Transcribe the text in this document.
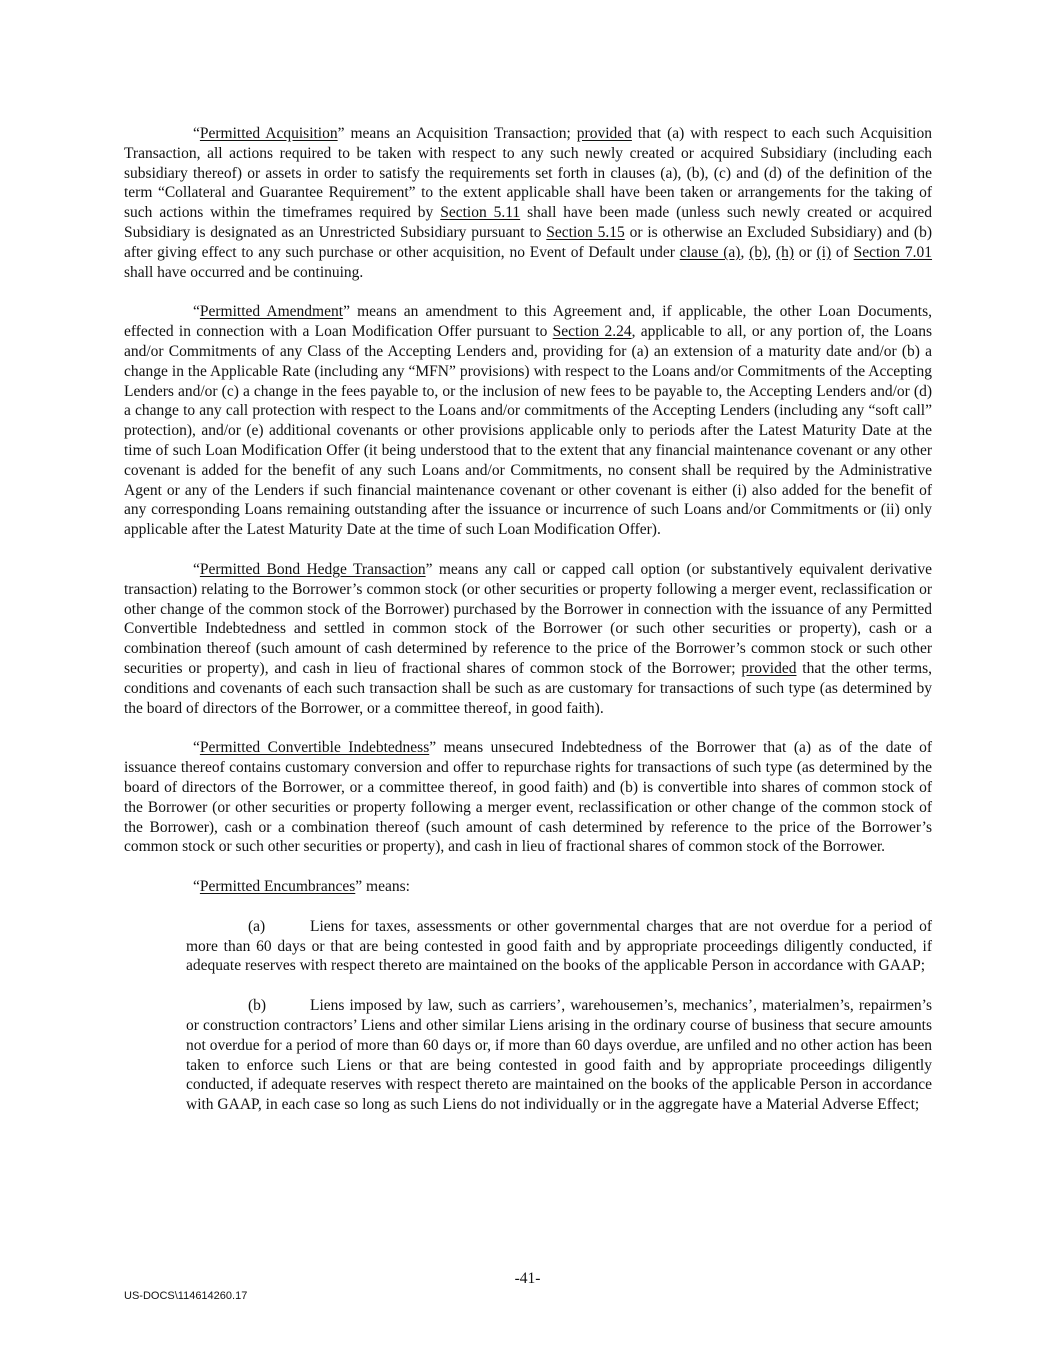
“Permitted Acquisition” means an Acquisition Transaction; provided that (a) with respect to each such Acquisition Transaction, all actions required to be taken with respect to any such newly created or acquired Subsidiary (including each subsidiary thereof) or assets in order to satisfy the requirements set forth in clauses (a), (b), (c) and (d) of the definition of the term “Collateral and Guarantee Requirement” to the extent applicable shall have been taken or arrangements for the taking of such actions within the timeframes required by Section 5.11 shall have been made (unless such newly created or acquired Subsidiary is designated as an Unrestricted Subsidiary pursuant to Section 5.15 or is otherwise an Excluded Subsidiary) and (b) after giving effect to any such purchase or other acquisition, no Event of Default under clause (a), (b), (h) or (i) of Section 7.01 shall have occurred and be continuing.

“Permitted Amendment” means an amendment to this Agreement and, if applicable, the other Loan Documents, effected in connection with a Loan Modification Offer pursuant to Section 2.24, applicable to all, or any portion of, the Loans and/or Commitments of any Class of the Accepting Lenders and, providing for (a) an extension of a maturity date and/or (b) a change in the Applicable Rate (including any “MFN” provisions) with respect to the Loans and/or Commitments of the Accepting Lenders and/or (c) a change in the fees payable to, or the inclusion of new fees to be payable to, the Accepting Lenders and/or (d) a change to any call protection with respect to the Loans and/or commitments of the Accepting Lenders (including any “soft call” protection), and/or (e) additional covenants or other provisions applicable only to periods after the Latest Maturity Date at the time of such Loan Modification Offer (it being understood that to the extent that any financial maintenance covenant or any other covenant is added for the benefit of any such Loans and/or Commitments, no consent shall be required by the Administrative Agent or any of the Lenders if such financial maintenance covenant or other covenant is either (i) also added for the benefit of any corresponding Loans remaining outstanding after the issuance or incurrence of such Loans and/or Commitments or (ii) only applicable after the Latest Maturity Date at the time of such Loan Modification Offer).

“Permitted Bond Hedge Transaction” means any call or capped call option (or substantively equivalent derivative transaction) relating to the Borrower’s common stock (or other securities or property following a merger event, reclassification or other change of the common stock of the Borrower) purchased by the Borrower in connection with the issuance of any Permitted Convertible Indebtedness and settled in common stock of the Borrower (or such other securities or property), cash or a combination thereof (such amount of cash determined by reference to the price of the Borrower’s common stock or such other securities or property), and cash in lieu of fractional shares of common stock of the Borrower; provided that the other terms, conditions and covenants of each such transaction shall be such as are customary for transactions of such type (as determined by the board of directors of the Borrower, or a committee thereof, in good faith).

“Permitted Convertible Indebtedness” means unsecured Indebtedness of the Borrower that (a) as of the date of issuance thereof contains customary conversion and offer to repurchase rights for transactions of such type (as determined by the board of directors of the Borrower, or a committee thereof, in good faith) and (b) is convertible into shares of common stock of the Borrower (or other securities or property following a merger event, reclassification or other change of the common stock of the Borrower), cash or a combination thereof (such amount of cash determined by reference to the price of the Borrower’s common stock or such other securities or property), and cash in lieu of fractional shares of common stock of the Borrower.

“Permitted Encumbrances” means:

(a)	Liens for taxes, assessments or other governmental charges that are not overdue for a period of more than 60 days or that are being contested in good faith and by appropriate proceedings diligently conducted, if adequate reserves with respect thereto are maintained on the books of the applicable Person in accordance with GAAP;

(b)	Liens imposed by law, such as carriers’, warehousemen’s, mechanics’, materialmen’s, repairmen’s or construction contractors’ Liens and other similar Liens arising in the ordinary course of business that secure amounts not overdue for a period of more than 60 days or, if more than 60 days overdue, are unfiled and no other action has been taken to enforce such Liens or that are being contested in good faith and by appropriate proceedings diligently conducted, if adequate reserves with respect thereto are maintained on the books of the applicable Person in accordance with GAAP, in each case so long as such Liens do not individually or in the aggregate have a Material Adverse Effect;

-41-
US-DOCS\114614260.17
